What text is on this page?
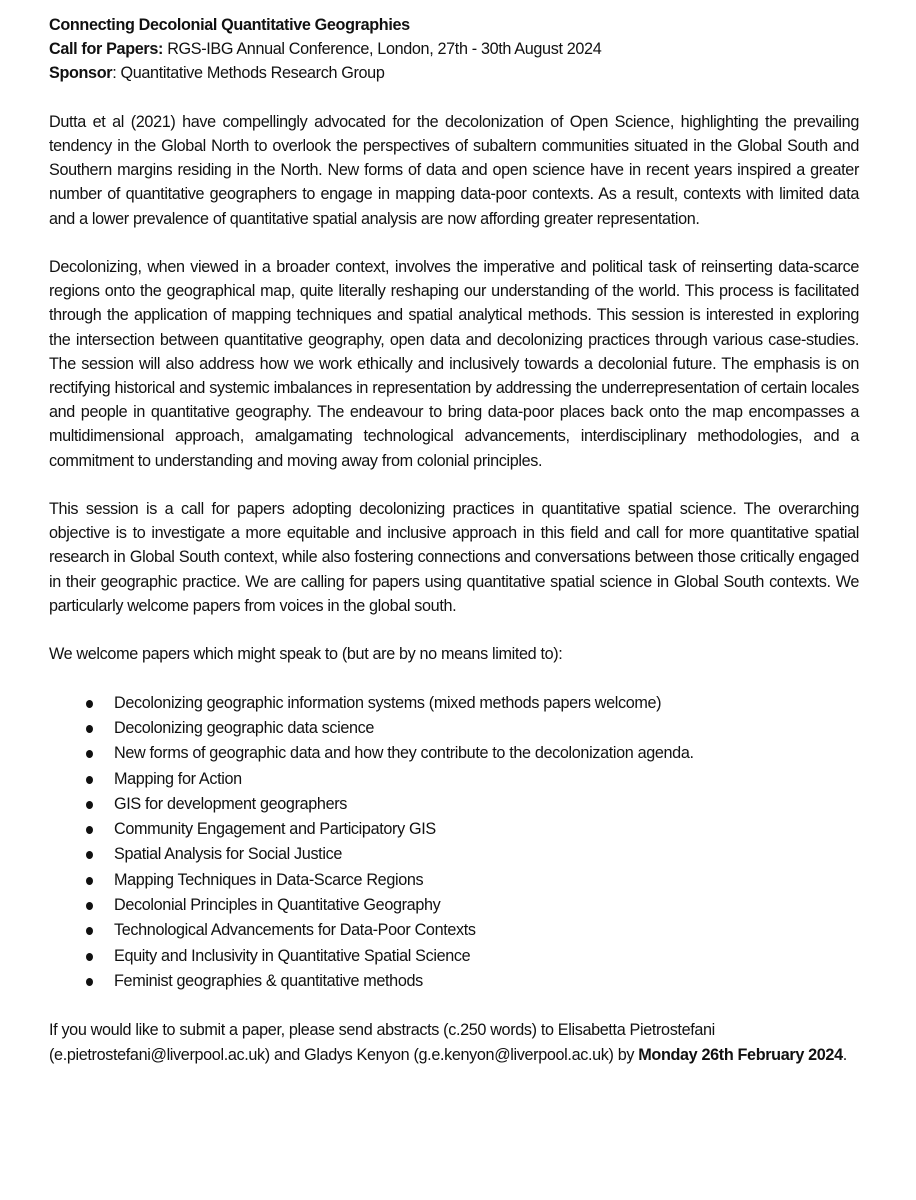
Connecting Decolonial Quantitative Geographies
Call for Papers: RGS-IBG Annual Conference, London, 27th - 30th August 2024
Sponsor: Quantitative Methods Research Group

Dutta et al (2021) have compellingly advocated for the decolonization of Open Science, highlighting the prevailing tendency in the Global North to overlook the perspectives of subaltern communities situated in the Global South and Southern margins residing in the North. New forms of data and open science have in recent years inspired a greater number of quantitative geographers to engage in mapping data-poor contexts. As a result, contexts with limited data and a lower prevalence of quantitative spatial analysis are now affording greater representation.

Decolonizing, when viewed in a broader context, involves the imperative and political task of reinserting data-scarce regions onto the geographical map, quite literally reshaping our understanding of the world. This process is facilitated through the application of mapping techniques and spatial analytical methods. This session is interested in exploring the intersection between quantitative geography, open data and decolonizing practices through various case-studies. The session will also address how we work ethically and inclusively towards a decolonial future. The emphasis is on rectifying historical and systemic imbalances in representation by addressing the underrepresentation of certain locales and people in quantitative geography. The endeavour to bring data-poor places back onto the map encompasses a multidimensional approach, amalgamating technological advancements, interdisciplinary methodologies, and a commitment to understanding and moving away from colonial principles.

This session is a call for papers adopting decolonizing practices in quantitative spatial science. The overarching objective is to investigate a more equitable and inclusive approach in this field and call for more quantitative spatial research in Global South context, while also fostering connections and conversations between those critically engaged in their geographic practice. We are calling for papers using quantitative spatial science in Global South contexts. We particularly welcome papers from voices in the global south.

We welcome papers which might speak to (but are by no means limited to):

Decolonizing geographic information systems (mixed methods papers welcome)
Decolonizing geographic data science
New forms of geographic data and how they contribute to the decolonization agenda.
Mapping for Action
GIS for development geographers
Community Engagement and Participatory GIS
Spatial Analysis for Social Justice
Mapping Techniques in Data-Scarce Regions
Decolonial Principles in Quantitative Geography
Technological Advancements for Data-Poor Contexts
Equity and Inclusivity in Quantitative Spatial Science
Feminist geographies & quantitative methods

If you would like to submit a paper, please send abstracts (c.250 words) to Elisabetta Pietrostefani (e.pietrostefani@liverpool.ac.uk) and Gladys Kenyon (g.e.kenyon@liverpool.ac.uk) by Monday 26th February 2024.
